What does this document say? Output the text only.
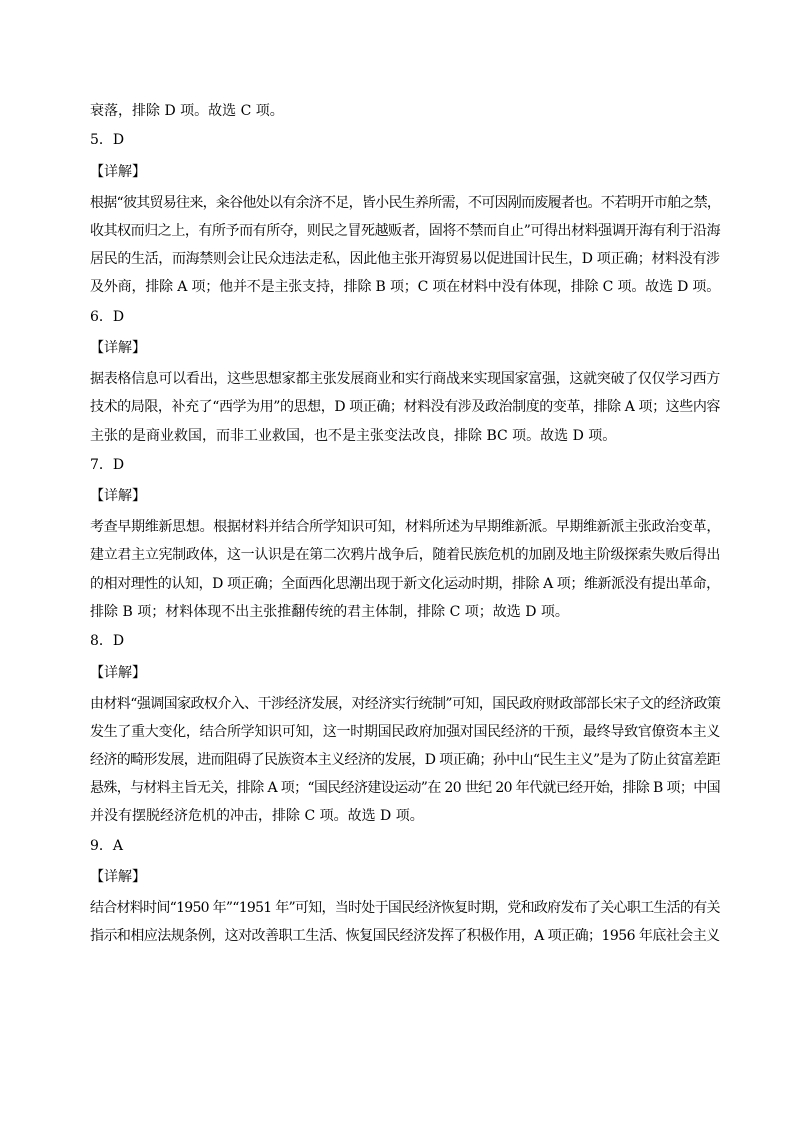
衰落，排除 D 项。故选 C 项。
5．D
【详解】
根据“彼其贸易往来，籴谷他处以有余济不足，皆小民生养所需，不可因剐而废履者也。不若明开市舶之禁，
收其权而归之上，有所予而有所夺，则民之冒死越贩者，固将不禁而自止”可得出材料强调开海有利于沿海
居民的生活，而海禁则会让民众违法走私，因此他主张开海贸易以促进国计民生，D 项正确；材料没有涉
及外商，排除 A 项；他并不是主张支持，排除 B 项；C 项在材料中没有体现，排除 C 项。故选 D 项。
6．D
【详解】
据表格信息可以看出，这些思想家都主张发展商业和实行商战来实现国家富强，这就突破了仅仅学习西方
技术的局限，补充了“西学为用”的思想，D 项正确；材料没有涉及政治制度的变革，排除 A 项；这些内容
主张的是商业救国，而非工业救国，也不是主张变法改良，排除 BC 项。故选 D 项。
7．D
【详解】
考查早期维新思想。根据材料并结合所学知识可知，材料所述为早期维新派。早期维新派主张政治变革，
建立君主立宪制政体，这一认识是在第二次鸦片战争后，随着民族危机的加剧及地主阶级探索失败后得出
的相对理性的认知，D 项正确；全面西化思潮出现于新文化运动时期，排除 A 项；维新派没有提出革命，
排除 B 项；材料体现不出主张推翻传统的君主体制，排除 C 项；故选 D 项。
8．D
【详解】
由材料“强调国家政权介入、干涉经济发展，对经济实行统制”可知，国民政府财政部部长宋子文的经济政策
发生了重大变化，结合所学知识可知，这一时期国民政府加强对国民经济的干预，最终导致官僚资本主义
经济的畸形发展，进而阻碍了民族资本主义经济的发展，D 项正确；孙中山“民生主义”是为了防止贫富差距
悬殊，与材料主旨无关，排除 A 项；“国民经济建设运动”在 20 世纪 20 年代就已经开始，排除 B 项；中国
并没有摆脱经济危机的冲击，排除 C 项。故选 D 项。
9．A
【详解】
结合材料时间“1950 年”“1951 年”可知，当时处于国民经济恢复时期，党和政府发布了关心职工生活的有关
指示和相应法规条例，这对改善职工生活、恢复国民经济发挥了积极作用，A 项正确；1956 年底社会主义
